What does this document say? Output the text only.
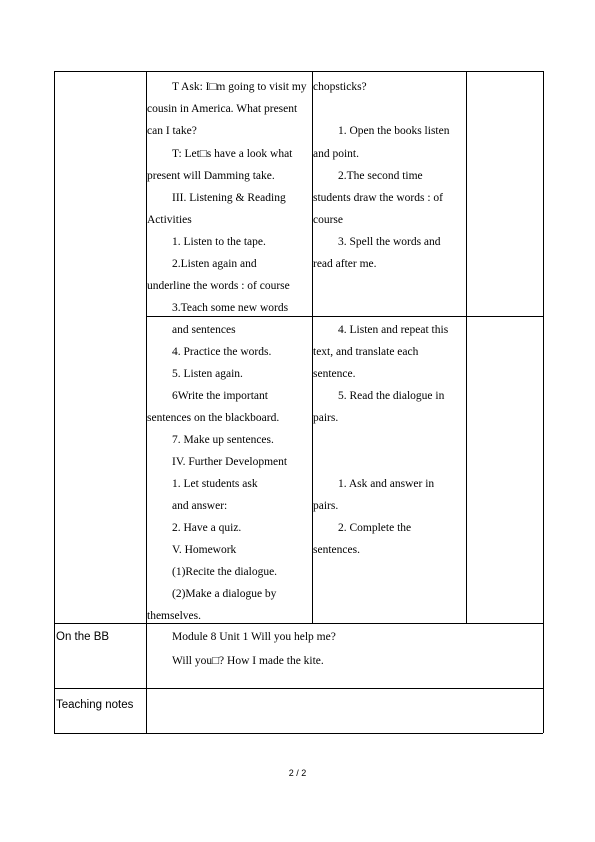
T Ask: I□m going to visit my
cousin in America. What present
can I take?
T: Let□s have a look what
present will Damming take.
III. Listening & Reading
Activities
1. Listen to the tape.
2.Listen again and
underline the words : of course
3.Teach some new words
chopsticks?
1. Open the books listen
and point.
2.The second time
students draw the words : of
course
3. Spell the words and
read after me.
and sentences
4. Practice the words.
5. Listen again.
6Write the important
sentences on the blackboard.
7. Make up sentences.
IV. Further Development
1. Let students ask
and answer:
2. Have a quiz.
V. Homework
(1)Recite the dialogue.
(2)Make a dialogue by
themselves.
4. Listen and repeat this
text, and translate each
sentence.
5. Read the dialogue in
pairs.
1. Ask and answer in
pairs.
2. Complete the
sentences.
On the BB	Module 8 Unit 1 Will you help me?
Will you□? How I made the kite.
Teaching notes
2 / 2
